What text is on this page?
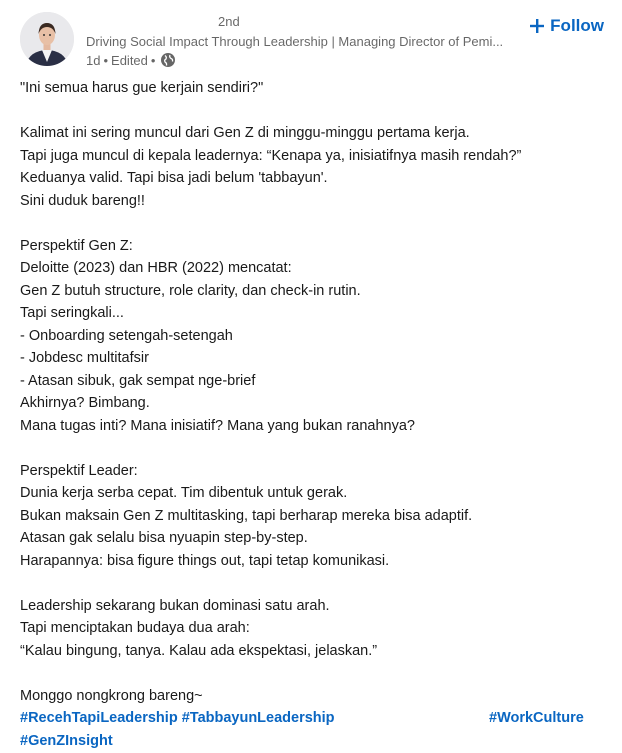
2nd
Driving Social Impact Through Leadership | Managing Director of Pemi...
1d • Edited •
Follow
"Ini semua harus gue kerjain sendiri?"
Kalimat ini sering muncul dari Gen Z di minggu-minggu pertama kerja.
Tapi juga muncul di kepala leadernya: “Kenapa ya, inisiatifnya masih rendah?”
Keduanya valid. Tapi bisa jadi belum 'tabbayun'.
Sini duduk bareng!!
Perspektif Gen Z:
Deloitte (2023) dan HBR (2022) mencatat:
Gen Z butuh structure, role clarity, dan check-in rutin.
Tapi seringkali...
- Onboarding setengah-setengah
- Jobdesc multitafsir
- Atasan sibuk, gak sempat nge-brief
Akhirnya? Bimbang.
Mana tugas inti? Mana inisiatif? Mana yang bukan ranahnya?
Perspektif Leader:
Dunia kerja serba cepat. Tim dibentuk untuk gerak.
Bukan maksain Gen Z multitasking, tapi berharap mereka bisa adaptif.
Atasan gak selalu bisa nyuapin step-by-step.
Harapannya: bisa figure things out, tapi tetap komunikasi.
Leadership sekarang bukan dominasi satu arah.
Tapi menciptakan budaya dua arah:
“Kalau bingung, tanya. Kalau ada ekspektasi, jelaskan.”
Monggo nongkrong bareng~
#RecehTapiLeadership #TabbayunLeadership	#WorkCulture
#GenZInsight
